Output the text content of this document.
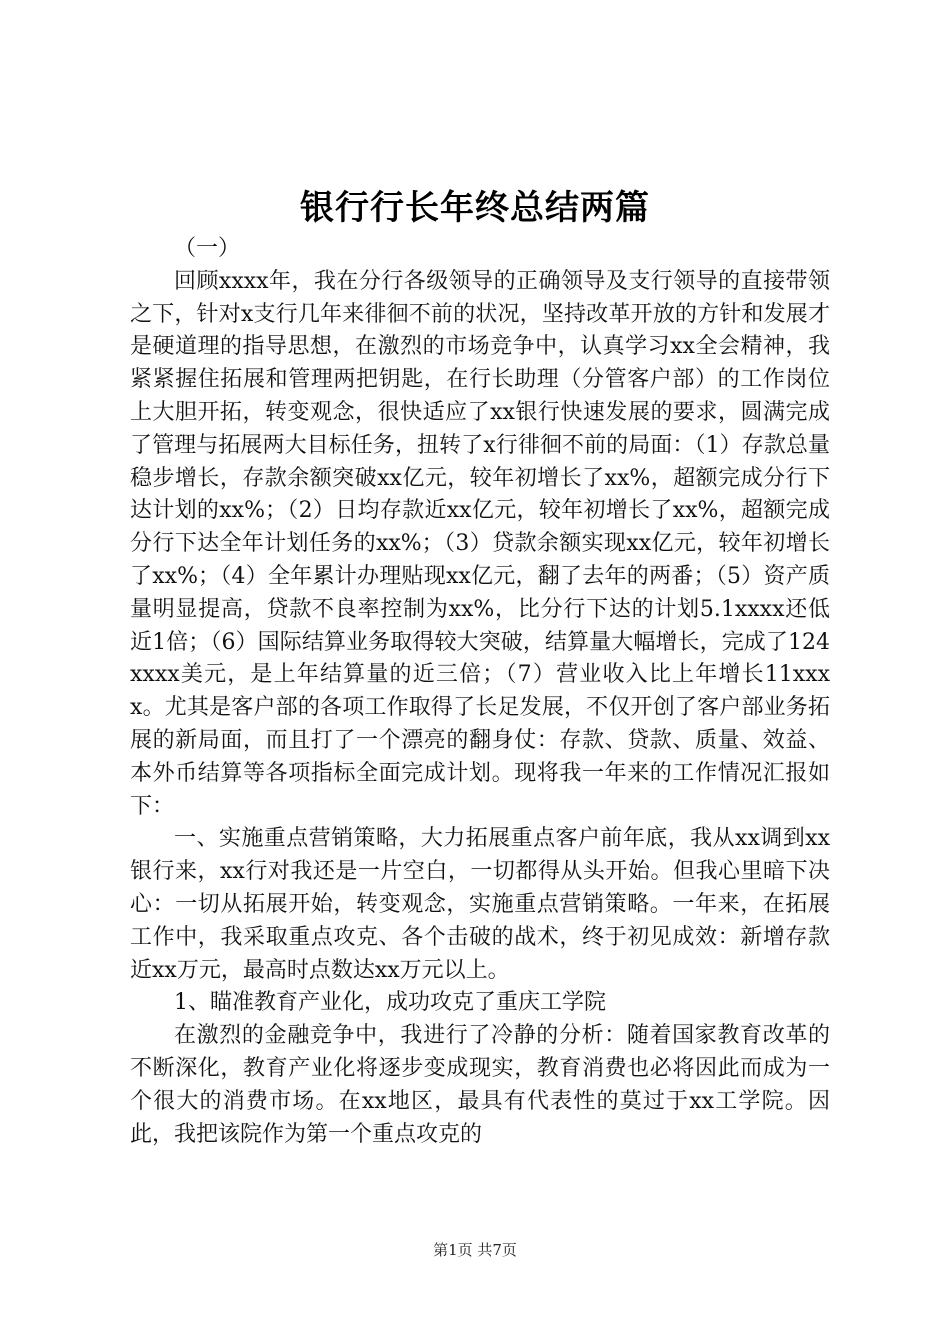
银行行长年终总结两篇

（一）

回顾xxxx年，我在分行各级领导的正确领导及支行领导的直接带领之下，针对x支行几年来徘徊不前的状况，坚持改革开放的方针和发展才是硬道理的指导思想，在激烈的市场竞争中，认真学习xx全会精神，我紧紧握住拓展和管理两把钥匙，在行长助理（分管客户部）的工作岗位上大胆开拓，转变观念，很快适应了xx银行快速发展的要求，圆满完成了管理与拓展两大目标任务，扭转了x行徘徊不前的局面：（1）存款总量稳步增长，存款余额突破xx亿元，较年初增长了xx%，超额完成分行下达计划的xx%；（2）日均存款近xx亿元，较年初增长了xx%，超额完成分行下达全年计划任务的xx%；（3）贷款余额实现xx亿元，较年初增长了xx%；（4）全年累计办理贴现xx亿元，翻了去年的两番；（5）资产质量明显提高，贷款不良率控制为xx%，比分行下达的计划5.1xxxx还低近1倍；（6）国际结算业务取得较大突破，结算量大幅增长，完成了124xxxx美元，是上年结算量的近三倍；（7）营业收入比上年增长11xxxx。尤其是客户部的各项工作取得了长足发展，不仅开创了客户部业务拓展的新局面，而且打了一个漂亮的翻身仗：存款、贷款、质量、效益、本外币结算等各项指标全面完成计划。现将我一年来的工作情况汇报如下：

一、实施重点营销策略，大力拓展重点客户前年底，我从xx调到xx银行来，xx行对我还是一片空白，一切都得从头开始。但我心里暗下决心：一切从拓展开始，转变观念，实施重点营销策略。一年来，在拓展工作中，我采取重点攻克、各个击破的战术，终于初见成效：新增存款近xx万元，最高时点数达xx万元以上。

1、瞄准教育产业化，成功攻克了重庆工学院

在激烈的金融竞争中，我进行了冷静的分析：随着国家教育改革的不断深化，教育产业化将逐步变成现实，教育消费也必将因此而成为一个很大的消费市场。在xx地区，最具有代表性的莫过于xx工学院。因此，我把该院作为第一个重点攻克的

第1页 共7页
